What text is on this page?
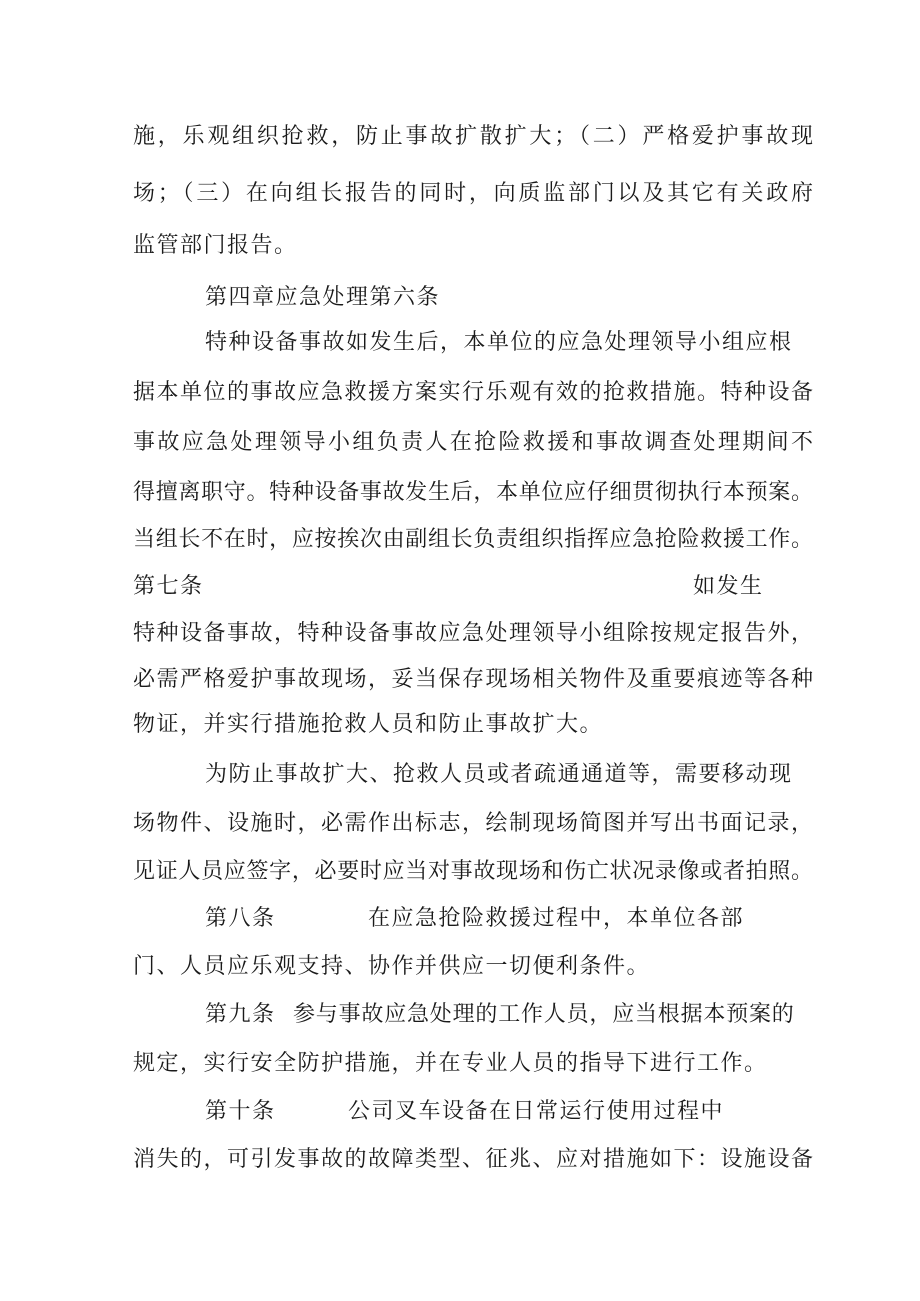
施，乐观组织抢救，防止事故扩散扩大；（二）严格爱护事故现
场；（三）在向组长报告的同时，向质监部门以及其它有关政府
监管部门报告。
第四章应急处理第六条
特种设备事故如发生后，本单位的应急处理领导小组应根
据本单位的事故应急救援方案实行乐观有效的抢救措施。特种设备
事故应急处理领导小组负责人在抢险救援和事故调查处理期间不
得擅离职守。特种设备事故发生后，本单位应仔细贯彻执行本预案。
当组长不在时，应按挨次由副组长负责组织指挥应急抢险救援工作。
第七条	如发生
特种设备事故，特种设备事故应急处理领导小组除按规定报告外，
必需严格爱护事故现场，妥当保存现场相关物件及重要痕迹等各种
物证，并实行措施抢救人员和防止事故扩大。
为防止事故扩大、抢救人员或者疏通通道等，需要移动现
场物件、设施时，必需作出标志，绘制现场简图并写出书面记录，
见证人员应签字，必要时应当对事故现场和伤亡状况录像或者拍照。
第八条	在应急抢险救援过程中，本单位各部
门、人员应乐观支持、协作并供应一切便利条件。
第九条 参与事故应急处理的工作人员，应当根据本预案的
规定，实行安全防护措施，并在专业人员的指导下进行工作。
第十条	公司叉车设备在日常运行使用过程中
消失的，可引发事故的故障类型、征兆、应对措施如下：设施设备
